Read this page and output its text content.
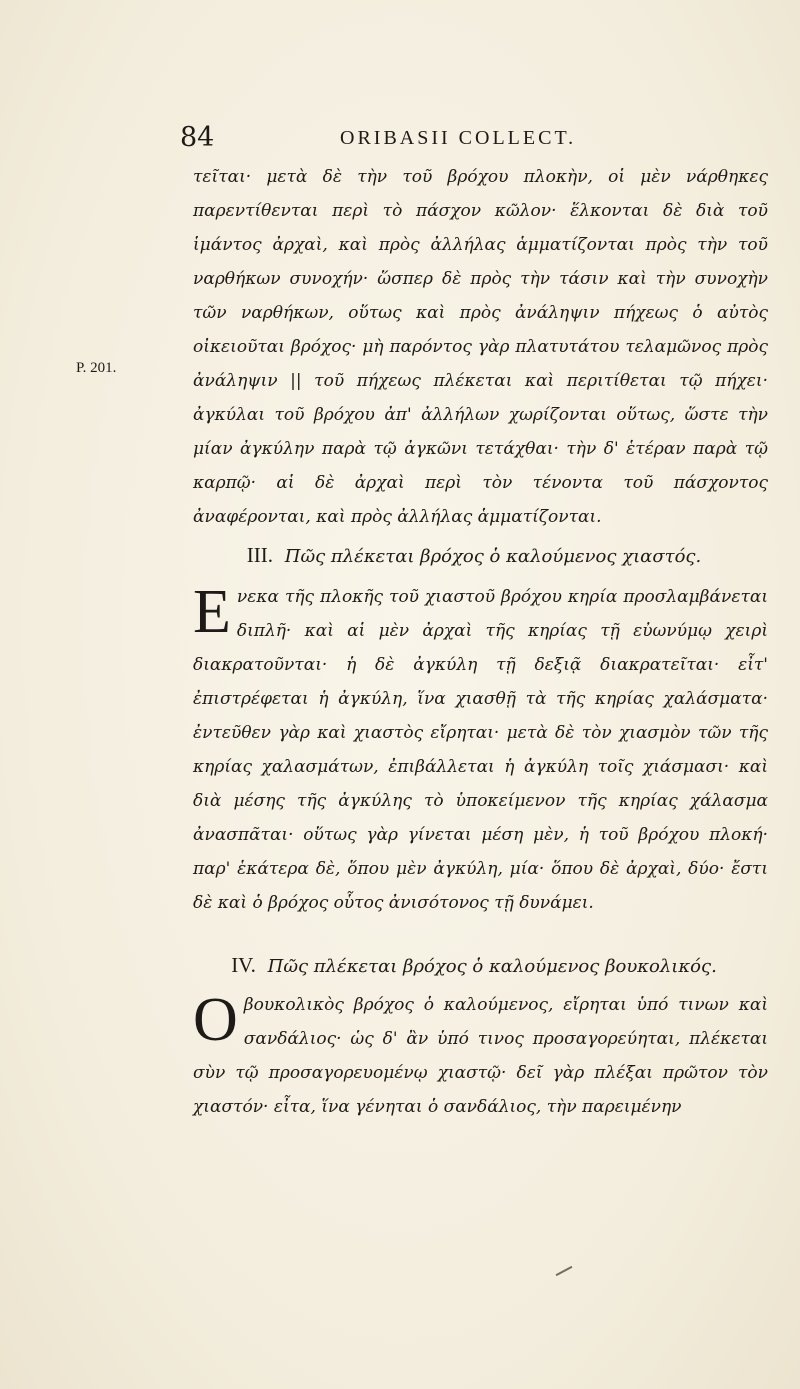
84	ORIBASII COLLECT.
P. 201.
τεῖται· μετὰ δὲ τὴν τοῦ βρόχου πλοκὴν, οἱ μὲν νάρθηκες παρεντίθενται περὶ τὸ πάσχον κῶλον· ἕλκονται δὲ διὰ τοῦ ἱμάντος ἀρχαὶ, καὶ πρὸς ἀλλήλας ἁμματίζονται πρὸς τὴν τοῦ ναρθήκων συνοχήν· ὥσπερ δὲ πρὸς τὴν τάσιν καὶ τὴν συνοχὴν τῶν ναρθήκων, οὕτως καὶ πρὸς ἀνάληψιν πήχεως ὁ αὐτὸς οἰκειοῦται βρόχος· μὴ παρόντος γὰρ πλατυτάτου τελαμῶνος πρὸς ἀνάληψιν || τοῦ πήχεως πλέκεται καὶ περιτίθεται τῷ πήχει· ἀγκύλαι τοῦ βρόχου ἀπ' ἀλλήλων χωρίζονται οὕτως, ὥστε τὴν μίαν ἀγκύλην παρὰ τῷ ἀγκῶνι τετάχθαι· τὴν δ' ἑτέραν παρὰ τῷ καρπῷ· αἱ δὲ ἀρχαὶ περὶ τὸν τένοντα τοῦ πάσχοντος ἀναφέρονται, καὶ πρὸς ἀλλήλας ἁμματίζονται.
III. Πῶς πλέκεται βρόχος ὁ καλούμενος χιαστός.
E νεκα τῆς πλοκῆς τοῦ χιαστοῦ βρόχου κηρία προσλαμβάνεται διπλῆ· καὶ αἱ μὲν ἀρχαὶ τῆς κηρίας τῇ εὐωνύμῳ χειρὶ διακρατοῦνται· ἡ δὲ ἀγκύλη τῇ δεξιᾷ διακρατεῖται· εἶτ' ἐπιστρέφεται ἡ ἀγκύλη, ἵνα χιασθῇ τὰ τῆς κηρίας χαλάσματα· ἐντεῦθεν γὰρ καὶ χιαστὸς εἴρηται· μετὰ δὲ τὸν χιασμὸν τῶν τῆς κηρίας χαλασμάτων, ἐπιβάλλεται ἡ ἀγκύλη τοῖς χιάσμασι· καὶ διὰ μέσης τῆς ἀγκύλης τὸ ὑποκείμενον τῆς κηρίας χάλασμα ἀνασπᾶται· οὕτως γὰρ γίνεται μέση μὲν, ἡ τοῦ βρόχου πλοκή· παρ' ἑκάτερα δὲ, ὅπου μὲν ἀγκύλη, μία· ὅπου δὲ ἀρχαὶ, δύο· ἔστι δὲ καὶ ὁ βρόχος οὗτος ἀνισότονος τῇ δυνάμει.
IV. Πῶς πλέκεται βρόχος ὁ καλούμενος βουκολικός.
O βουκολικὸς βρόχος ὁ καλούμενος, εἴρηται ὑπό τινων καὶ σανδάλιος· ὡς δ' ἂν ὑπό τινος προσαγορεύηται, πλέκεται σὺν τῷ προσαγορευομένῳ χιαστῷ· δεῖ γὰρ πλέξαι πρῶτον τὸν χιαστόν· εἶτα, ἵνα γένηται ὁ σανδάλιος, τὴν παρειμένην
